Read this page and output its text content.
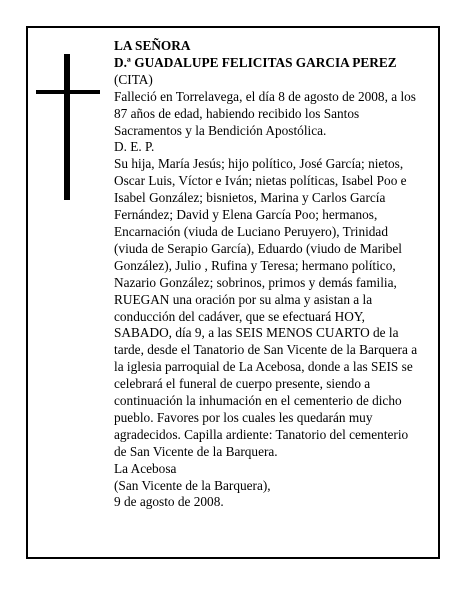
LA SEÑORA

D.ª GUADALUPE FELICITAS GARCIA PEREZ

(CITA)

Falleció en Torrelavega, el día 8 de agosto de 2008, a los 87 años de edad, habiendo recibido los Santos Sacramentos y la Bendición Apostólica.

D. E. P.

Su hija, María Jesús; hijo político, José García; nietos, Oscar Luis, Víctor e Iván; nietas políticas, Isabel Poo e Isabel González; bisnietos, Marina y Carlos García Fernández; David y Elena García Poo; hermanos, Encarnación (viuda de Luciano Peruyero), Trinidad (viuda de Serapio García), Eduardo (viudo de Maribel González), Julio , Rufina y Teresa; hermano político, Nazario González; sobrinos, primos y demás familia,

RUEGAN una oración por su alma y asistan a la conducción del cadáver, que se efectuará HOY, SABADO, día 9, a las SEIS MENOS CUARTO de la tarde, desde el Tanatorio de San Vicente de la Barquera a la iglesia parroquial de La Acebosa, donde a las SEIS se celebrará el funeral de cuerpo presente, siendo a continuación la inhumación en el cementerio de dicho pueblo. Favores por los cuales les quedarán muy agradecidos. Capilla ardiente: Tanatorio del cementerio de San Vicente de la Barquera.

La Acebosa

(San Vicente de la Barquera),

9 de agosto de 2008.
